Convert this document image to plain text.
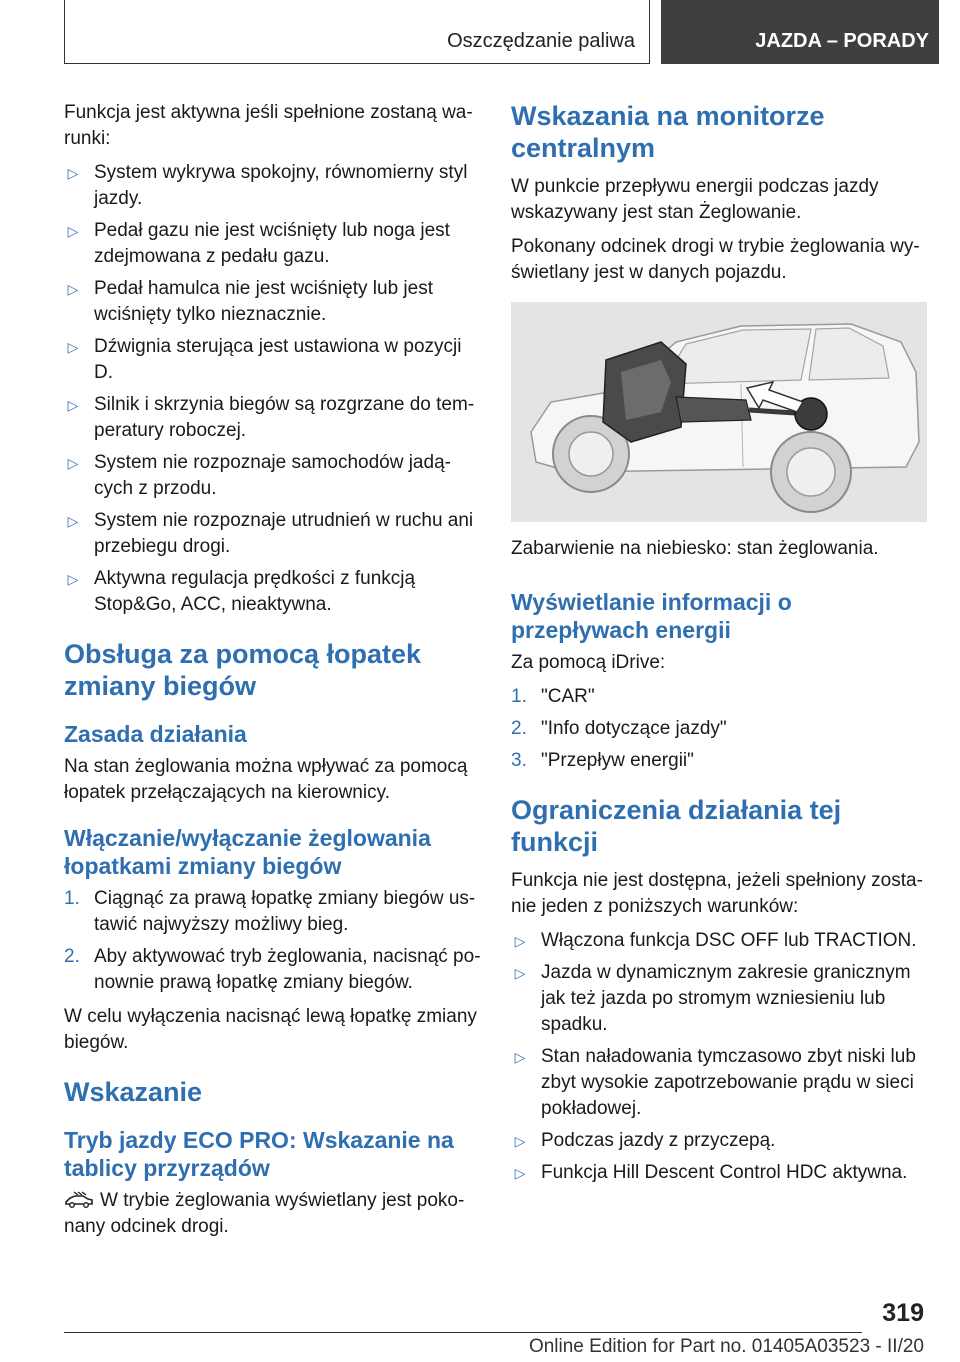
Oszczędzanie paliwa	JAZDA – PORADY

Funkcja jest aktywna jeśli spełnione zostaną wa-runki:

▷ System wykrywa spokojny, równomierny styl jazdy.
▷ Pedał gazu nie jest wciśnięty lub noga jest zdejmowana z pedału gazu.
▷ Pedał hamulca nie jest wciśnięty lub jest wciśnięty tylko nieznacznie.
▷ Dźwignia sterująca jest ustawiona w pozycji D.
▷ Silnik i skrzynia biegów są rozgrzane do tem-peratury roboczej.
▷ System nie rozpoznaje samochodów jadą-cych z przodu.
▷ System nie rozpoznaje utrudnień w ruchu ani przebiegu drogi.
▷ Aktywna regulacja prędkości z funkcją Stop&Go, ACC, nieaktywna.
Obsługa za pomocą łopatek zmiany biegów
Zasada działania

Na stan żeglowania można wpływać za pomocą łopatek przełączających na kierownicy.

Włączanie/wyłączanie żeglowania łopatkami zmiany biegów
1. Ciągnąć za prawą łopatkę zmiany biegów us-tawić najwyższy możliwy bieg.
2. Aby aktywować tryb żeglowania, nacisnąć po-nownie prawą łopatkę zmiany biegów.

W celu wyłączenia nacisnąć lewą łopatkę zmiany biegów.

Wskazanie
Tryb jazdy ECO PRO: Wskazanie na tablicy przyrządów

W trybie żeglowania wyświetlany jest poko-nany odcinek drogi.

Wskazania na monitorze centralnym

W punkcie przepływu energii podczas jazdy wskazywany jest stan Żeglowanie.

Pokonany odcinek drogi w trybie żeglowania wy-świetlany jest w danych pojazdu.

Zabarwienie na niebiesko: stan żeglowania.

Wyświetlanie informacji o przepływach energii

Za pomocą iDrive:

1. "CAR"
2. "Info dotyczące jazdy"
3. "Przepływ energii"
Ograniczenia działania tej funkcji

Funkcja nie jest dostępna, jeżeli spełniony zosta-nie jeden z poniższych warunków:

▷ Włączona funkcja DSC OFF lub TRACTION.
▷ Jazda w dynamicznym zakresie granicznym jak też jazda po stromym wzniesieniu lub spadku.
▷ Stan naładowania tymczasowo zbyt niski lub zbyt wysokie zapotrzebowanie prądu w sieci pokładowej.
▷ Podczas jazdy z przyczepą.
▷ Funkcja Hill Descent Control HDC aktywna.
319
Online Edition for Part no. 01405A03523 - II/20
